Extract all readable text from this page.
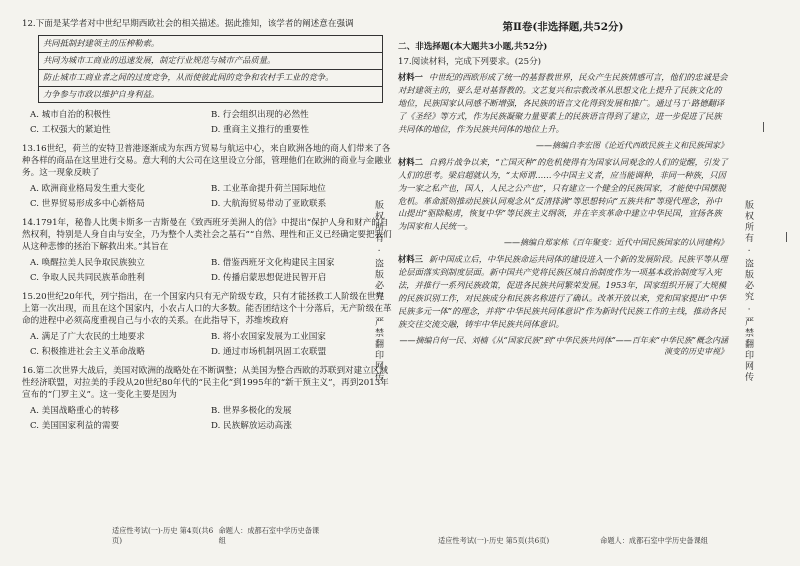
12.下面是某学者对中世纪早期西欧社会的相关描述。据此推知，该学者的阐述意在强调
共同抵制封建领主的压榨勒索。
共同为城市工商业的迅速发展，制定行业规范与城市产品质量。
防止城市工商业者之间的过度竞争，从而使彼此间的竞争和农村手工业的竞争。
力争参与市政以维护自身利益。
A. 城市自治的积极性	B. 行会组织出现的必然性
C. 工权强大的紧迫性	D. 重商主义推行的重要性
13.16世纪，荷兰的安特卫普港逐渐成为东西方贸易与航运中心，来自欧洲各地的商人们带来了各种各样的商品在这里进行交易。意大利的大公司在这里设立分部，管理他们在欧洲的商业与金融业务。这一现象反映了
A. 欧洲商业格局发生重大变化	B. 工业革命提升荷兰国际地位
C. 世界贸易形成多中心新格局	D. 大航海贸易带动了亚欧联系
14.1791年，秘鲁人比奥卡斯多一吉斯曼在《致西班牙美洲人的信》中提出“保护人身和财产的自然权利，特别是人身自由与安全，乃为整个人类社会之基石”“自然、理性和正义已经确定要把我们从这种悲惨的拯治下解救出来。”其旨在
A. 唤醒拉美人民争取民族独立	B. 借鉴西班牙文化构建民主国家
C. 争取人民共同民族革命胜利	D. 传播启蒙思想促进民智开启
15.20世纪20年代，列宁指出，在一个国家内只有无产阶级专政，只有才能拯救工人阶级在世界上第一次出现，而且在这个国家内，小农占人口的大多数。能否团结这个十分落后，无产阶级在革命的进程中必须高度重视自己与小农的关系。在此指导下，苏维埃政府
A. 满足了广大农民的土地要求	B. 将小农国家发展为工业国家
C. 积极推进社会主义革命战略	D. 通过市场机制巩固工农联盟
16.第二次世界大战后，美国对欧洲的战略处在不断调整；从美国为整合西欧的苏联到对建立区域性经济联盟，对拉美的手段从20世纪80年代的“民主化”到1995年的“新干预主义”，再到2013年宣布的“门罗主义”。这一变化主要是因为
A. 美国战略重心的转移	B. 世界多极化的发展
C. 美国国家利益的需要	D. 民族解放运动高涨
适应性考试(一)·历史 第4页(共6页)
命题人：成都石室中学历史备课组
版权所有 · 盗版必究 · 严禁翻印网传
第Ⅱ卷(非选择题,共52分)
二、非选择题(本大题共3小题,共52分)
17.阅读材料，完成下列要求。(25分)
材料一 中世纪的西欧形成了统一的基督教世界，民众产生民族情感可言，他们的忠诚是会对封建领主的，要么是对基督教的。文艺复兴和宗教改革从思想文化上提升了民族文化的地位，民族国家认同感不断增强，各民族的语言文化得到发展和推广。通过马丁·路德翻译了《圣经》等方式，作为民族凝聚力量要素上的民族语言得到了建立，进一步促进了民族共同体的地位，作为民族共同体的地位上升。
——摘编自李宏图《论近代西欧民族主义和民族国家》
材料二 自鸦片战争以来，“亡国灭种”的危机使得有为国家认同观念的人们的觉醒，引发了人们的思考。梁启超就认为，“太师谓……今中国主义者，应当能调种，非同一种族，只因为一家之私产也，国人，人民之公产也”，只有建立一个健全的民族国家，才能使中国摆脱危机。革命派则推动民族认同观念从“反清排满”等思想转向“五族共和”等现代理念，孙中山提出“驱除鞑虏，恢复中华”等民族主义纲领，并在辛亥革命中建立中华民国，宣扬各族为国家和人民统一。
——摘编自郑家栋《百年聚变：近代中国民族国家的认同建构》
材料三 新中国成立后，中华民族命运共同体的建设进入一个新的发展阶段。民族平等从理论层面落实到制度层面。新中国共产党将民族区域自治制度作为一项基本政治制度写入宪法，并推行一系列民族政策，促进各民族共同繁荣发展。1953年，国家组织开展了大规模的民族识别工作，对民族成分和民族名称进行了确认。改革开放以来，党和国家提出“中华民族多元一体”的理念，并将“中华民族共同体意识”作为新时代民族工作的主线，推动各民族交往交流交融，铸牢中华民族共同体意识。
——摘编自何一民、刘楠《从“国家民族”到“中华民族共同体”——百年来“中华民族”概念内涵演变的历史审视》
适应性考试(一)·历史 第5页(共6页)	命题人：成都石室中学历史备课组
版权所有 · 盗版必究 · 严禁翻印网传
